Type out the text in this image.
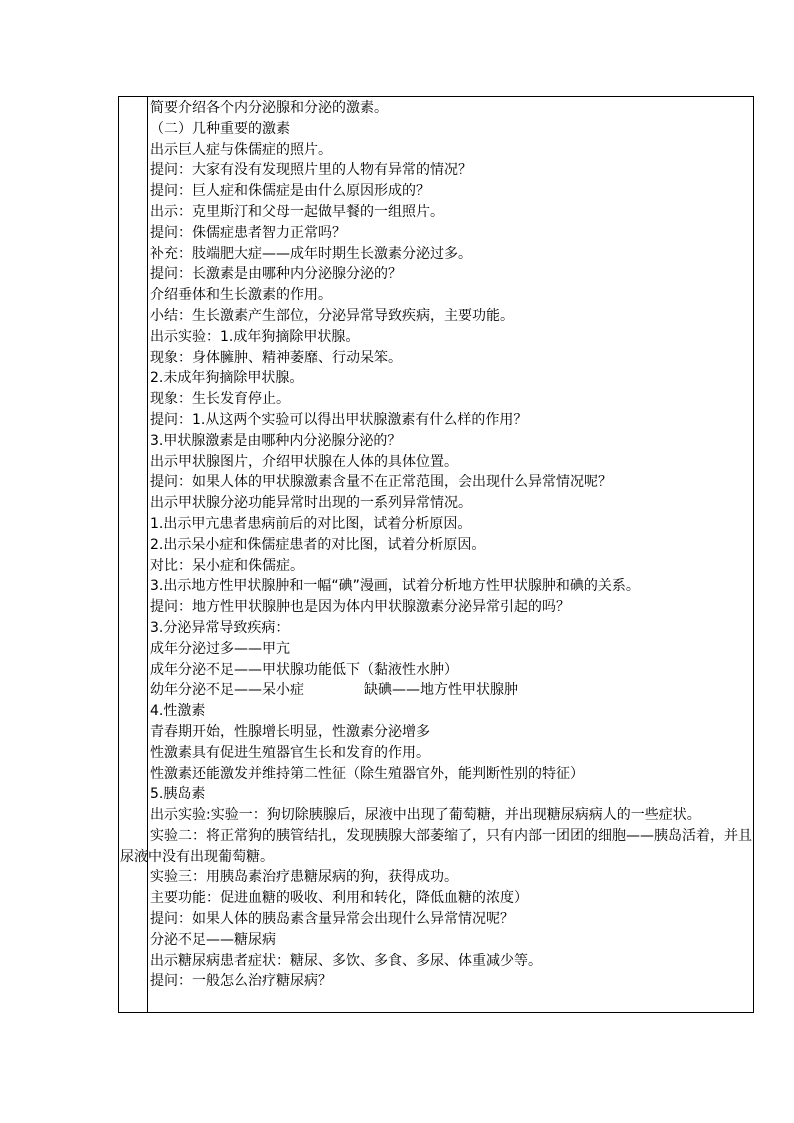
简要介绍各个内分泌腺和分泌的激素。
（二）几种重要的激素
出示巨人症与侏儒症的照片。
提问：大家有没有发现照片里的人物有异常的情况？
提问：巨人症和侏儒症是由什么原因形成的？
出示：克里斯汀和父母一起做早餐的一组照片。
提问：侏儒症患者智力正常吗？
补充：肢端肥大症——成年时期生长激素分泌过多。
提问：长激素是由哪种内分泌腺分泌的？
介绍垂体和生长激素的作用。
小结：生长激素产生部位，分泌异常导致疾病，主要功能。
出示实验：1.成年狗摘除甲状腺。
现象：身体臃肿、精神萎靡、行动呆笨。
2.未成年狗摘除甲状腺。
现象：生长发育停止。
提问：1.从这两个实验可以得出甲状腺激素有什么样的作用？
3.甲状腺激素是由哪种内分泌腺分泌的？
出示甲状腺图片，介绍甲状腺在人体的具体位置。
提问：如果人体的甲状腺激素含量不在正常范围，会出现什么异常情况呢？
出示甲状腺分泌功能异常时出现的一系列异常情况。
1.出示甲亢患者患病前后的对比图，试着分析原因。
2.出示呆小症和侏儒症患者的对比图，试着分析原因。
对比：呆小症和侏儒症。
3.出示地方性甲状腺肿和一幅“碘”漫画，试着分析地方性甲状腺肿和碘的关系。
提问：地方性甲状腺肿也是因为体内甲状腺激素分泌异常引起的吗？
3.分泌异常导致疾病：
成年分泌过多——甲亢
成年分泌不足——甲状腺功能低下（黏液性水肿）
幼年分泌不足——呆小症	缺碘——地方性甲状腺肿
4.性激素
青春期开始，性腺增长明显，性激素分泌增多
性激素具有促进生殖器官生长和发育的作用。
性激素还能激发并维持第二性征（除生殖器官外，能判断性别的特征）
5.胰岛素
出示实验:实验一：狗切除胰腺后，尿液中出现了葡萄糖，并出现糖尿病病人的一些症状。
实验二：将正常狗的胰管结扎，发现胰腺大部萎缩了，只有内部一团团的细胞——胰岛活着，并且尿液中没有出现葡萄糖。
实验三：用胰岛素治疗患糖尿病的狗，获得成功。
主要功能：促进血糖的吸收、利用和转化，降低血糖的浓度）
提问：如果人体的胰岛素含量异常会出现什么异常情况呢？
分泌不足——糖尿病
出示糖尿病患者症状：糖尿、多饮、多食、多尿、体重减少等。
提问：一般怎么治疗糖尿病？
